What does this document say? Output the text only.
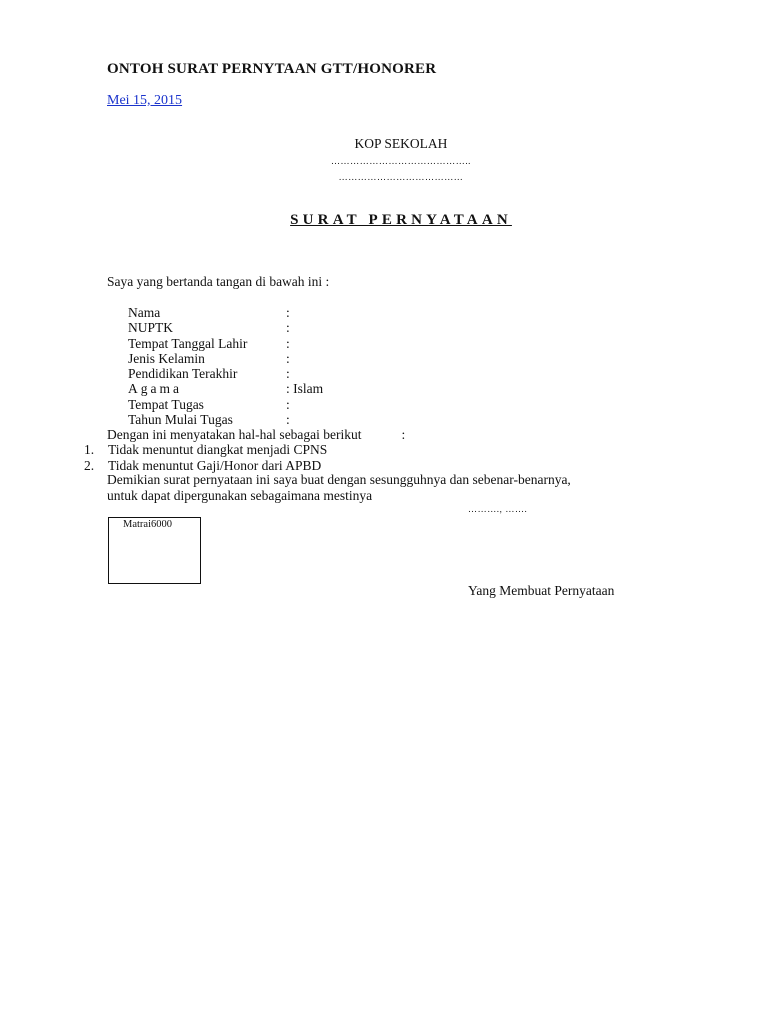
ONTOH SURAT PERNYTAAN GTT/HONORER
Mei 15, 2015
KOP SEKOLAH
……………………………………..
…………………………………
SURAT PERNYATAAN
Saya yang bertanda tangan di bawah ini :
Nama	:
NUPTK	:
Tempat Tanggal Lahir	:
Jenis Kelamin	:
Pendidikan Terakhir	:
Agama	: Islam
Tempat Tugas	:
Tahun Mulai Tugas	:
Dengan ini menyatakan hal-hal sebagai berikut	:
1.	Tidak menuntut diangkat menjadi CPNS
2.	Tidak menuntut Gaji/Honor dari APBD
Demikian surat pernyataan ini saya buat dengan sesungguhnya dan sebenar-benarnya,
untuk dapat dipergunakan sebagaimana mestinya
………., …….
Matrai6000
Yang Membuat Pernyataan
